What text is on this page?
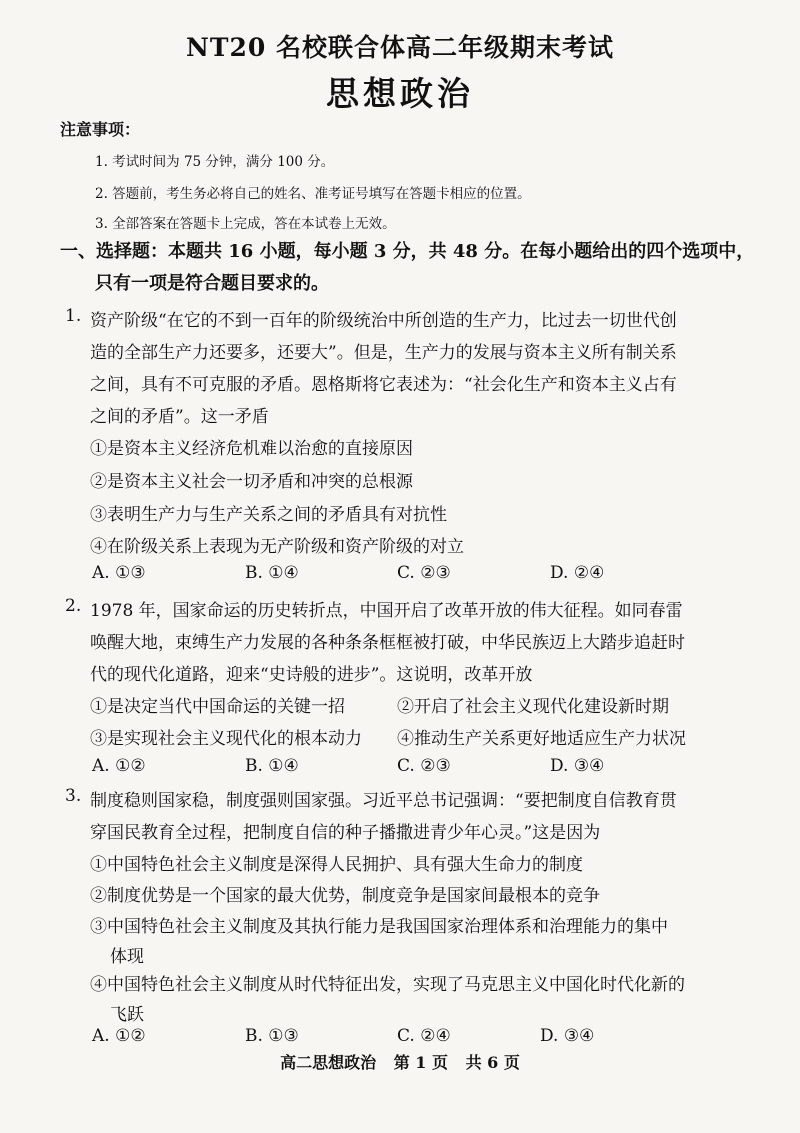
NT20 名校联合体高二年级期末考试
思想政治
注意事项：
1. 考试时间为 75 分钟，满分 100 分。
2. 答题前，考生务必将自己的姓名、准考证号填写在答题卡相应的位置。
3. 全部答案在答题卡上完成，答在本试卷上无效。
一、选择题：本题共 16 小题，每小题 3 分，共 48 分。在每小题给出的四个选项中，
只有一项是符合题目要求的。
1. 资产阶级“在它的不到一百年的阶级统治中所创造的生产力，比过去一切世代创
造的全部生产力还要多，还要大”。但是，生产力的发展与资本主义所有制关系
之间，具有不可克服的矛盾。恩格斯将它表述为：“社会化生产和资本主义占有
之间的矛盾”。这一矛盾
①是资本主义经济危机难以治愈的直接原因
②是资本主义社会一切矛盾和冲突的总根源
③表明生产力与生产关系之间的矛盾具有对抗性
④在阶级关系上表现为无产阶级和资产阶级的对立
A. ①③	B. ①④	C. ②③	D. ②④
2. 1978 年，国家命运的历史转折点，中国开启了改革开放的伟大征程。如同春雷
唤醒大地，束缚生产力发展的各种条条框框被打破，中华民族迈上大踏步追赶时
代的现代化道路，迎来“史诗般的进步”。这说明，改革开放
①是决定当代中国命运的关键一招	②开启了社会主义现代化建设新时期
③是实现社会主义现代化的根本动力 ④推动生产关系更好地适应生产力状况
A. ①②	B. ①④	C. ②③	D. ③④
3. 制度稳则国家稳，制度强则国家强。习近平总书记强调：“要把制度自信教育贯
穿国民教育全过程，把制度自信的种子播撒进青少年心灵。”这是因为
①中国特色社会主义制度是深得人民拥护、具有强大生命力的制度
②制度优势是一个国家的最大优势，制度竞争是国家间最根本的竞争
③中国特色社会主义制度及其执行能力是我国国家治理体系和治理能力的集中
体现
④中国特色社会主义制度从时代特征出发，实现了马克思主义中国化时代化新的
飞跃
A. ①②	B. ①③	C. ②④	D. ③④
高二思想政治 第 1 页 共 6 页
